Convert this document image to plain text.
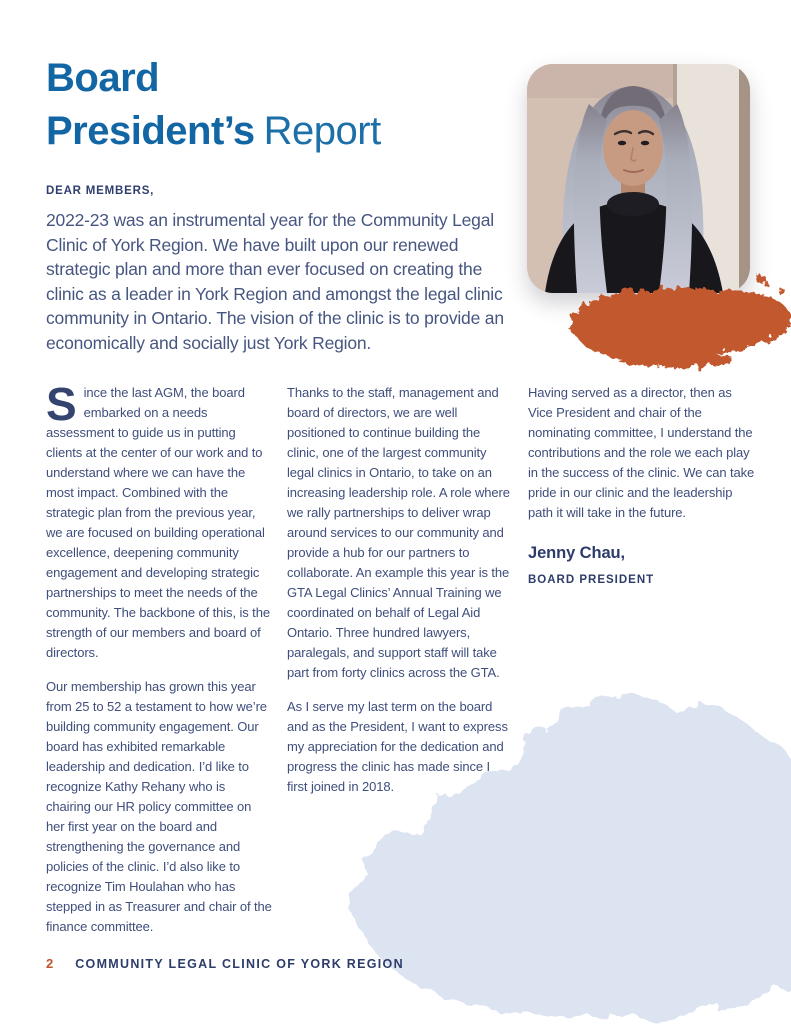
Board
President’s Report
DEAR MEMBERS,
2022-23 was an instrumental year for the Community Legal Clinic of York Region. We have built upon our renewed strategic plan and more than ever focused on creating the clinic as a leader in York Region and amongst the legal clinic community in Ontario. The vision of the clinic is to provide an economically and socially just York Region.

Since the last AGM, the board embarked on a needs assessment to guide us in putting clients at the center of our work and to understand where we can have the most impact. Combined with the strategic plan from the previous year, we are focused on building operational excellence, deepening community engagement and developing strategic partnerships to meet the needs of the community. The backbone of this, is the strength of our members and board of directors.

Our membership has grown this year from 25 to 52 a testament to how we’re building community engagement. Our board has exhibited remarkable leadership and dedication. I’d like to recognize Kathy Rehany who is chairing our HR policy committee on her first year on the board and strengthening the governance and policies of the clinic. I’d also like to recognize Tim Houlahan who has stepped in as Treasurer and chair of the finance committee.

Thanks to the staff, management and board of directors, we are well positioned to continue building the clinic, one of the largest community legal clinics in Ontario, to take on an increasing leadership role. A role where we rally partnerships to deliver wrap around services to our community and provide a hub for our partners to collaborate. An example this year is the GTA Legal Clinics’ Annual Training we coordinated on behalf of Legal Aid Ontario. Three hundred lawyers, paralegals, and support staff will take part from forty clinics across the GTA.

As I serve my last term on the board and as the President, I want to express my appreciation for the dedication and progress the clinic has made since I first joined in 2018.

Having served as a director, then as Vice President and chair of the nominating committee, I understand the contributions and the role we each play in the success of the clinic. We can take pride in our clinic and the leadership path it will take in the future.

Jenny Chau,
BOARD PRESIDENT
2 COMMUNITY LEGAL CLINIC OF YORK REGION
